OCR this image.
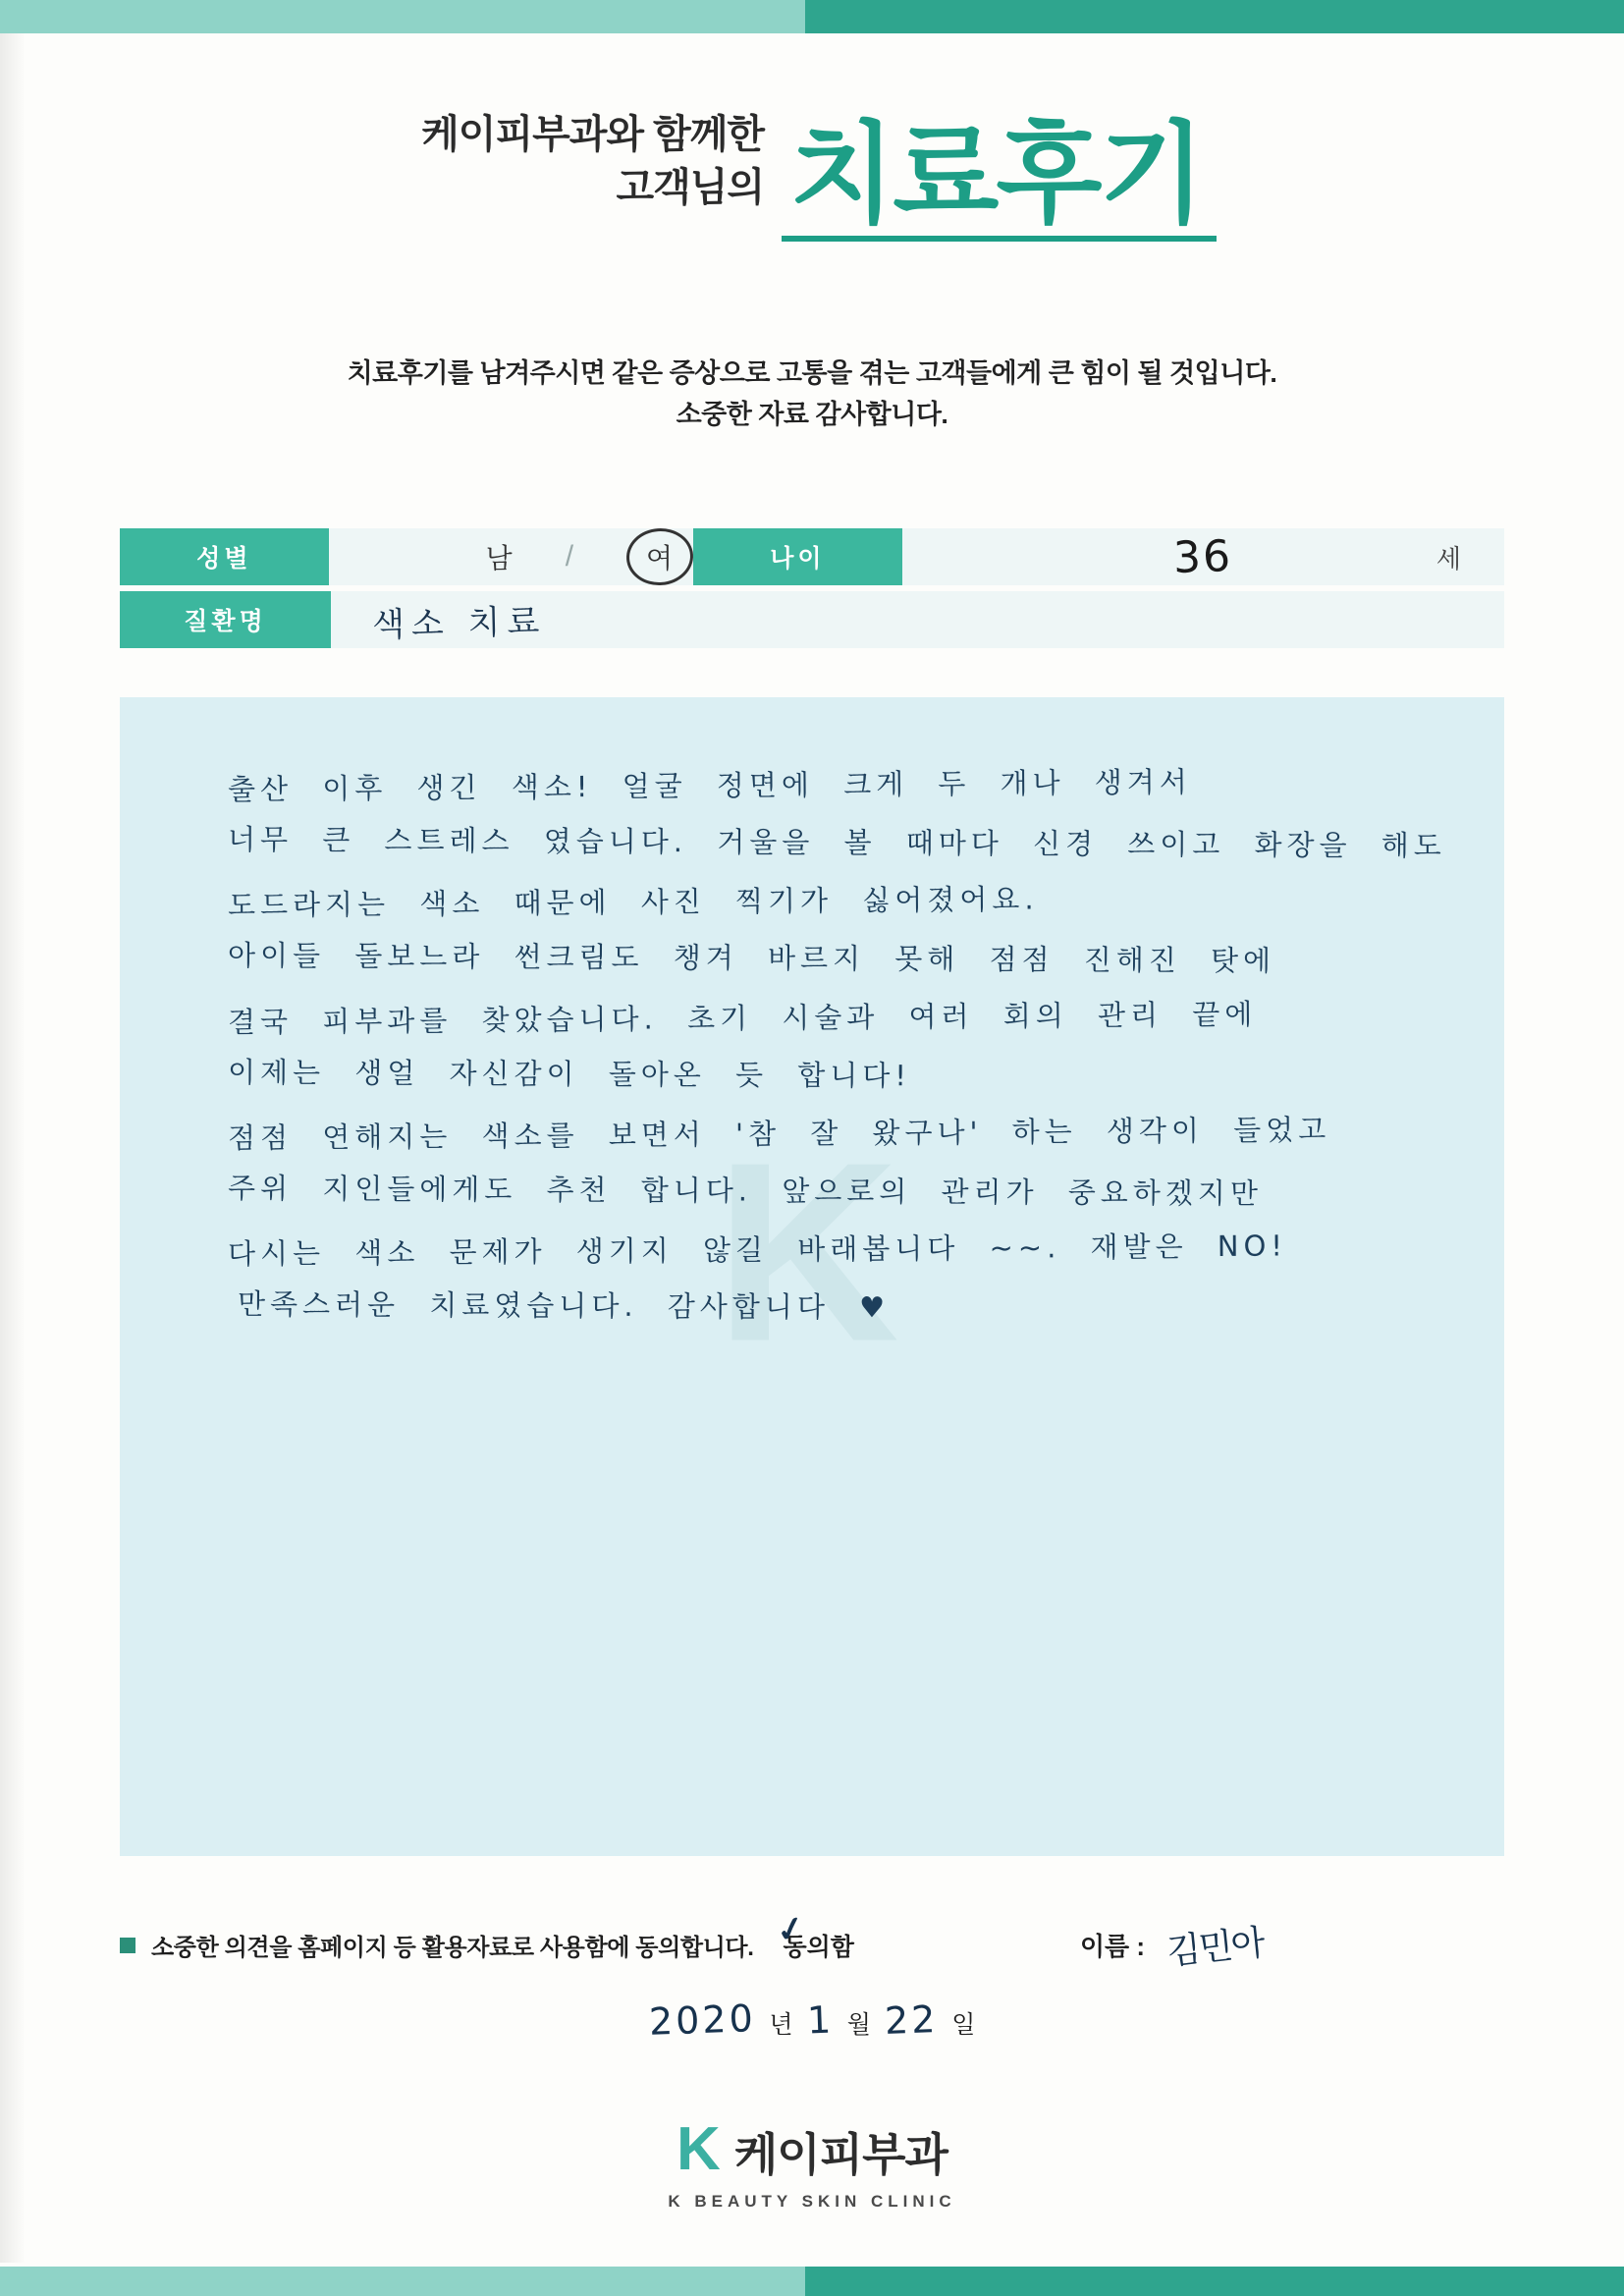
케이피부과와 함께한
고객님의 치료후기
치료후기를 남겨주시면 같은 증상으로 고통을 겪는 고객들에게 큰 힘이 될 것입니다.
소중한 자료 감사합니다.
성별	남 /	여	나이	36	세
질환명	색소 치료
K
출산 이후 생긴 색소! 얼굴 정면에 크게 두 개나 생겨서
너무 큰 스트레스 였습니다. 거울을 볼 때마다 신경 쓰이고 화장을 해도
도드라지는 색소 때문에 사진 찍기가 싫어졌어요.
아이들 돌보느라 썬크림도 챙겨 바르지 못해 점점 진해진 탓에
결국 피부과를 찾았습니다. 초기 시술과 여러 회의 관리 끝에
이제는 생얼 자신감이 돌아온 듯 합니다!
점점 연해지는 색소를 보면서 '참 잘 왔구나' 하는 생각이 들었고
주위 지인들에게도 추천 합니다. 앞으로의 관리가 중요하겠지만
다시는 색소 문제가 생기지 않길 바래봅니다 ~~. 재발은 NO!
만족스러운 치료였습니다. 감사합니다 ♥
소중한 의견을 홈페이지 등 활용자료로 사용함에 동의합니다. ✓
동의함	이름 : 김민아
2020 년 1 월 22 일
K 케이피부과
K BEAUTY SKIN CLINIC
